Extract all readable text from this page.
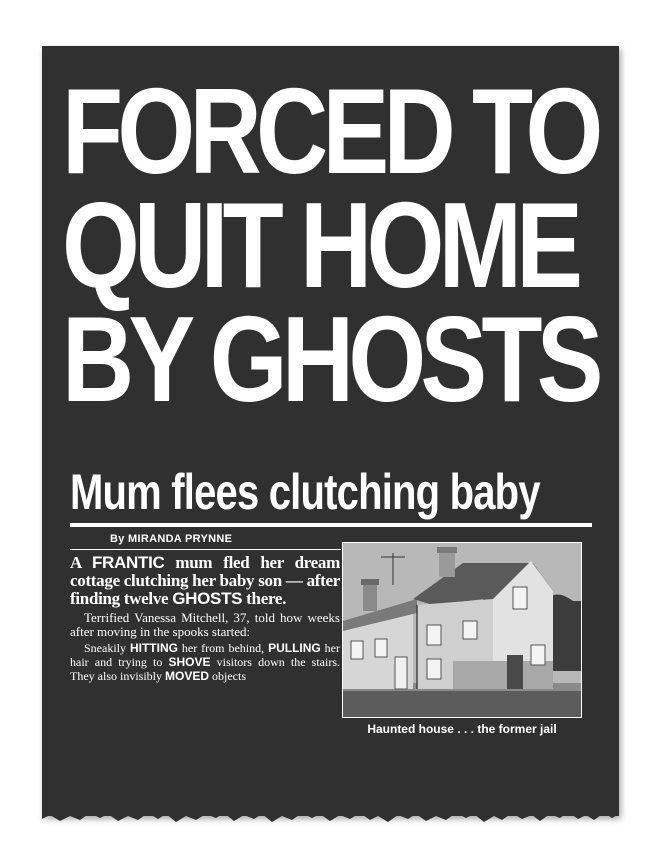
FORCED TO
QUIT HOME
BY GHOSTS
Mum flees clutching baby
By MIRANDA PRYNNE

A FRANTIC mum fled her dream cottage clutching her baby son — after finding twelve GHOSTS there.

Terrified Vanessa Mitchell, 37, told how weeks after moving in the spooks started:

Sneakily HITTING her from behind, PULLING her hair and trying to SHOVE visitors down the stairs. They also invisibly MOVED objects

Haunted house . . . the former jail
